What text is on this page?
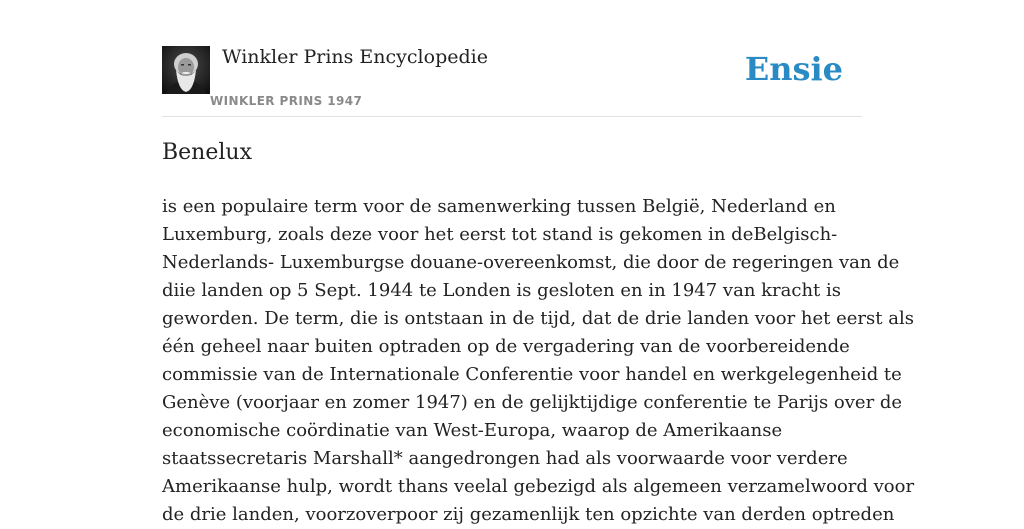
Winkler Prins Encyclopedie
WINKLER PRINS 1947
Ensie
Benelux
is een populaire term voor de samenwerking tussen België, Nederland en
Luxemburg, zoals deze voor het eerst tot stand is gekomen in deBelgisch-
Nederlands- Luxemburgse douane-overeenkomst, die door de regeringen van de
diie landen op 5 Sept. 1944 te Londen is gesloten en in 1947 van kracht is
geworden. De term, die is ontstaan in de tijd, dat de drie landen voor het eerst als
één geheel naar buiten optraden op de vergadering van de voorbereidende
commissie van de Internationale Conferentie voor handel en werkgelegenheid te
Genève (voorjaar en zomer 1947) en de gelijktijdige conferentie te Parijs over de
economische coördinatie van West-Europa, waarop de Amerikaanse
staatssecretaris Marshall* aangedrongen had als voorwaarde voor verdere
Amerikaanse hulp, wordt thans veelal gebezigd als algemeen verzamelwoord voor
de drie landen, voorzoverpoor zij gezamenlijk ten opzichte van derden optreden
